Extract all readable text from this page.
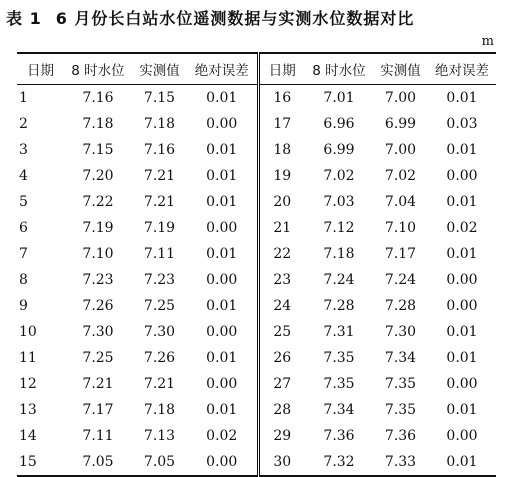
表 1 6 月份长白站水位遥测数据与实测水位数据对比
m
日期	8 时水位	实测值	绝对误差	日期	8 时水位	实测值	绝对误差
1	7.16	7.15	0.01	16	7.01	7.00	0.01
2	7.18	7.18	0.00	17	6.96	6.99	0.03
3	7.15	7.16	0.01	18	6.99	7.00	0.01
4	7.20	7.21	0.01	19	7.02	7.02	0.00
5	7.22	7.21	0.01	20	7.03	7.04	0.01
6	7.19	7.19	0.00	21	7.12	7.10	0.02
7	7.10	7.11	0.01	22	7.18	7.17	0.01
8	7.23	7.23	0.00	23	7.24	7.24	0.00
9	7.26	7.25	0.01	24	7.28	7.28	0.00
10	7.30	7.30	0.00	25	7.31	7.30	0.01
11	7.25	7.26	0.01	26	7.35	7.34	0.01
12	7.21	7.21	0.00	27	7.35	7.35	0.00
13	7.17	7.18	0.01	28	7.34	7.35	0.01
14	7.11	7.13	0.02	29	7.36	7.36	0.00
15	7.05	7.05	0.00	30	7.32	7.33	0.01
